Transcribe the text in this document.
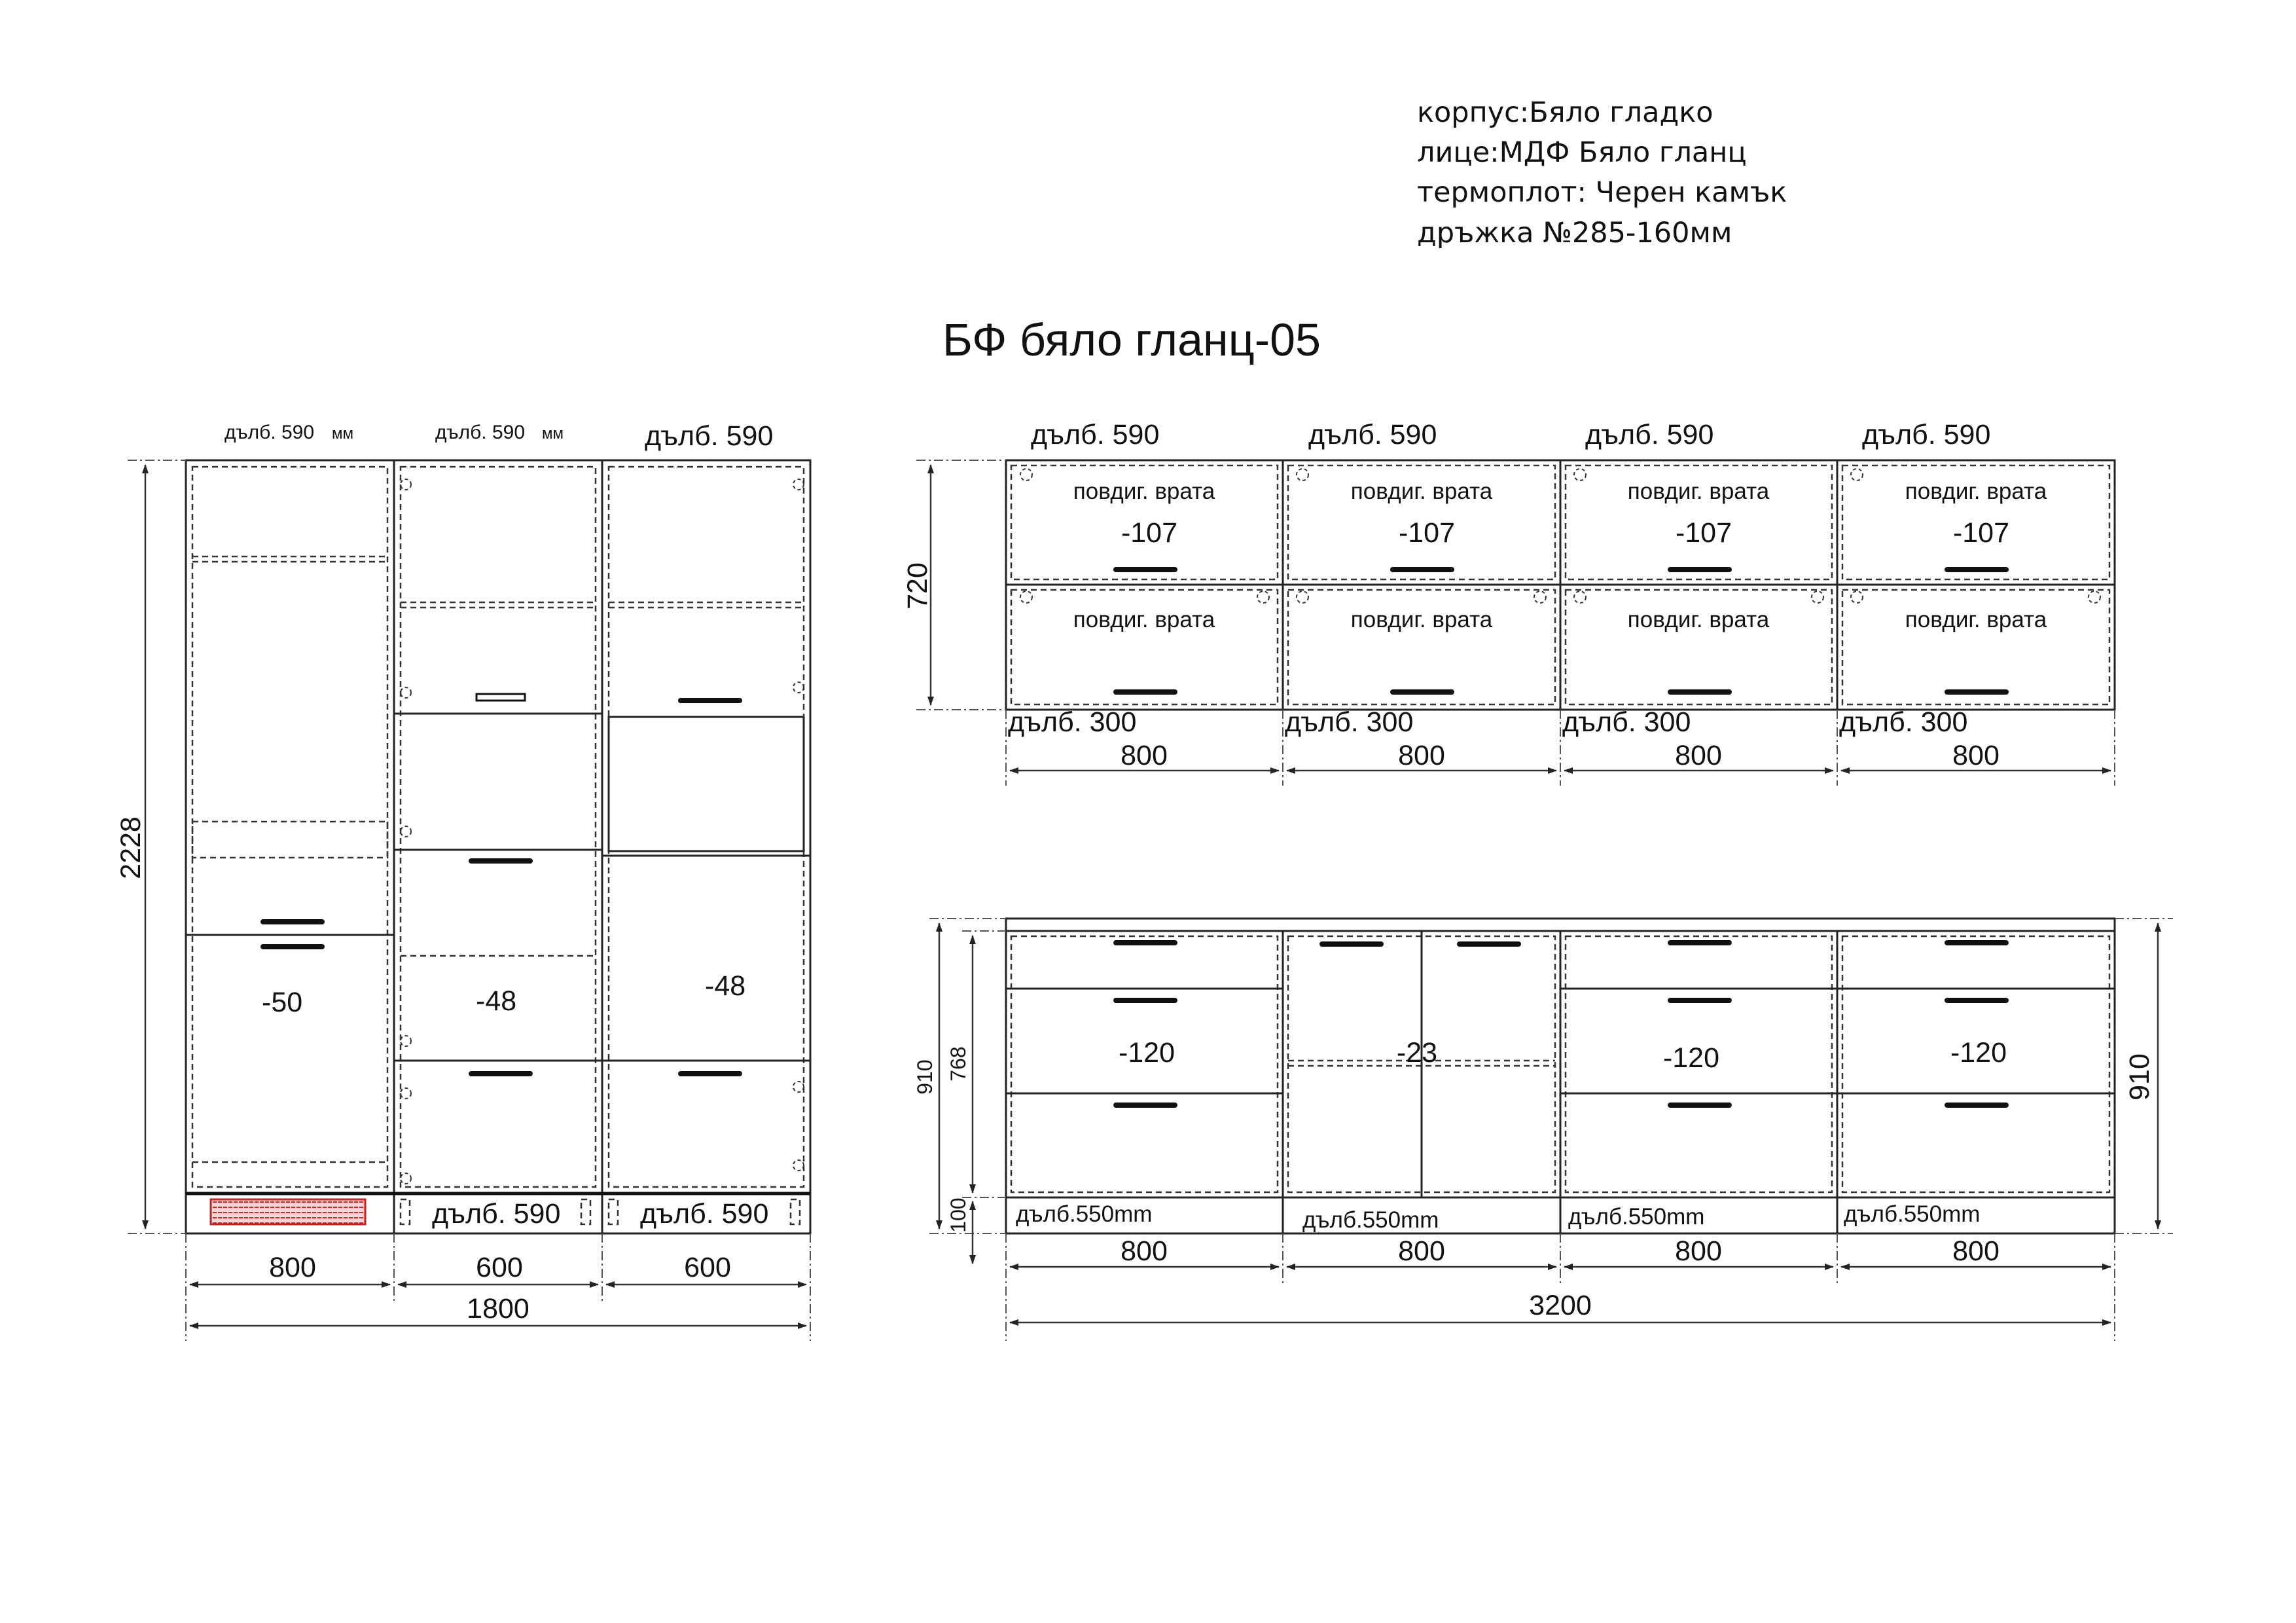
корпус:Бяло гладко
лице:МДФ Бяло гланц
термоплот: Черен камък
дръжка №285-160мм
БФ бяло гланц-05
дълб. 590 мм	дълб. 590 мм	дълб. 590
дълб. 590	дълб. 590
-50	-48	-48
2228
800	600	600
1800
дълб. 590	дълб. 590	дълб. 590	дълб. 590
повдиг. врата	повдиг. врата	повдиг. врата	повдиг. врата
-107	-107	-107	-107
повдиг. врата	повдиг. врата	повдиг. врата	повдиг. врата
дълб. 300	дълб. 300	дълб. 300	дълб. 300
720
800	800	800	800
-120	-23	-120	-120
дълб.550mm	дълб.550mm	дълб.550mm	дълб.550mm
910 768
100
910
800	800	800	800
3200
